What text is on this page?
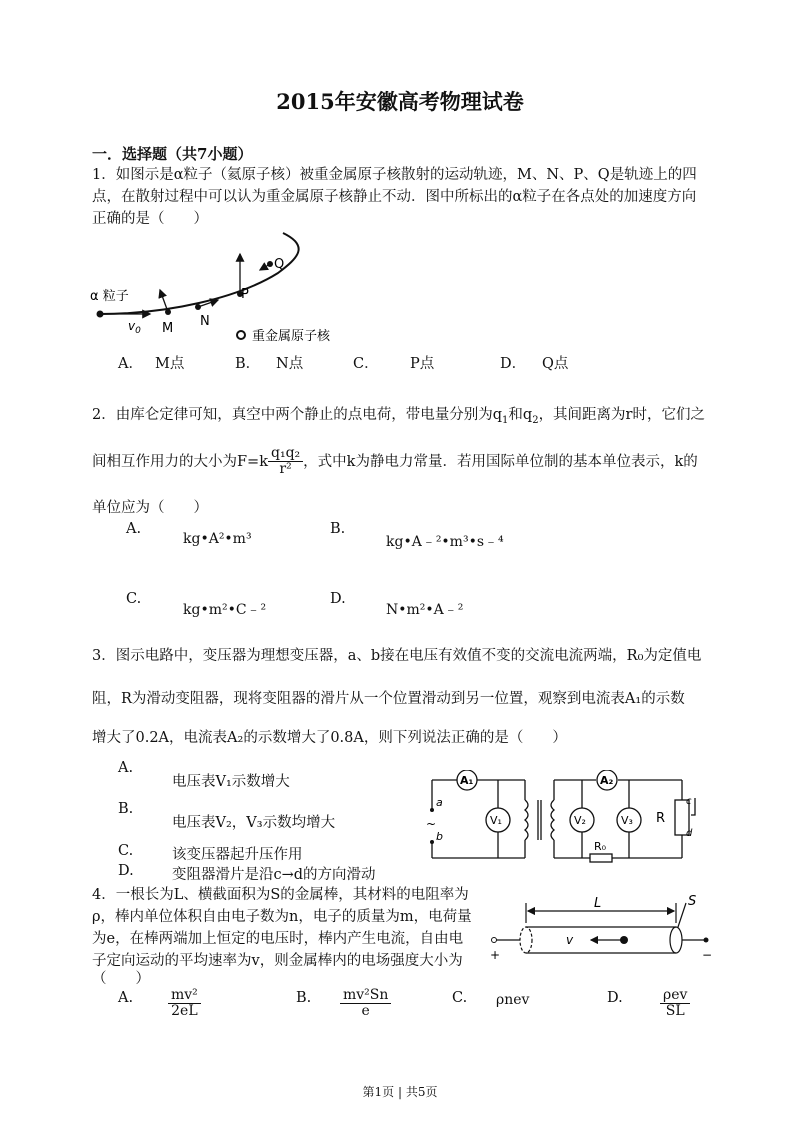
2015年安徽高考物理试卷
一．选择题（共7小题）
1．如图示是α粒子（氦原子核）被重金属原子核散射的运动轨迹，M、N、P、Q是轨迹上的四
点，在散射过程中可以认为重金属原子核静止不动．图中所标出的α粒子在各点处的加速度方向
正确的是（　　）
$v_0$
α 粒子
M N
P
Q
重金属原子核
A． M点	B． N点	C． P点	D． Q点
2．由库仑定律可知，真空中两个静止的点电荷，带电量分别为$q_1$和$q_2$，其间距离为r时，它们之
间相互作用力的大小为$F=k \frac{\text{q₁q₂}}{\text{r²}}$ ，式中k为静电力常量．若用国际单位制的基本单位表示，k的
单位应为（　　）
A.
kg•A²•m³
B.
kg•A﹣²•m³•s﹣⁴
C.
kg•m²•C﹣²
D.
N•m²•A﹣²
3．图示电路中，变压器为理想变压器，a、b接在电压有效值不变的交流电流两端，R₀为定值电
阻，R为滑动变阻器，现将变阻器的滑片从一个位置滑动到另一位置，观察到电流表A₁的示数
增大了0.2A，电流表A₂的示数增大了0.8A，则下列说法正确的是（　　）
A.
电压表V₁示数增大
B.
电压表V₂，V₃示数均增大
C.	该变压器起升压作用
D.	变阻器滑片是沿c→d的方向滑动
A₁
V₁
A₂
V₂	V₃ R
R₀
a
b
~
c
d
4．一根长为L、横截面积为S的金属棒，其材料的电阻率为
ρ，棒内单位体积自由电子数为n，电子的质量为m，电荷量
为e，在棒两端加上恒定的电压时，棒内产生电流，自由电
子定向运动的平均速率为v，则金属棒内的电场强度大小为
（　　）
L	S
v
+	−
A. $\frac{\text{mv²}}{2eL}$	B. $\frac{\text{mv²Sn}}{e}$	C. ρnev	D.	ρev
SL
第1页 | 共5页
